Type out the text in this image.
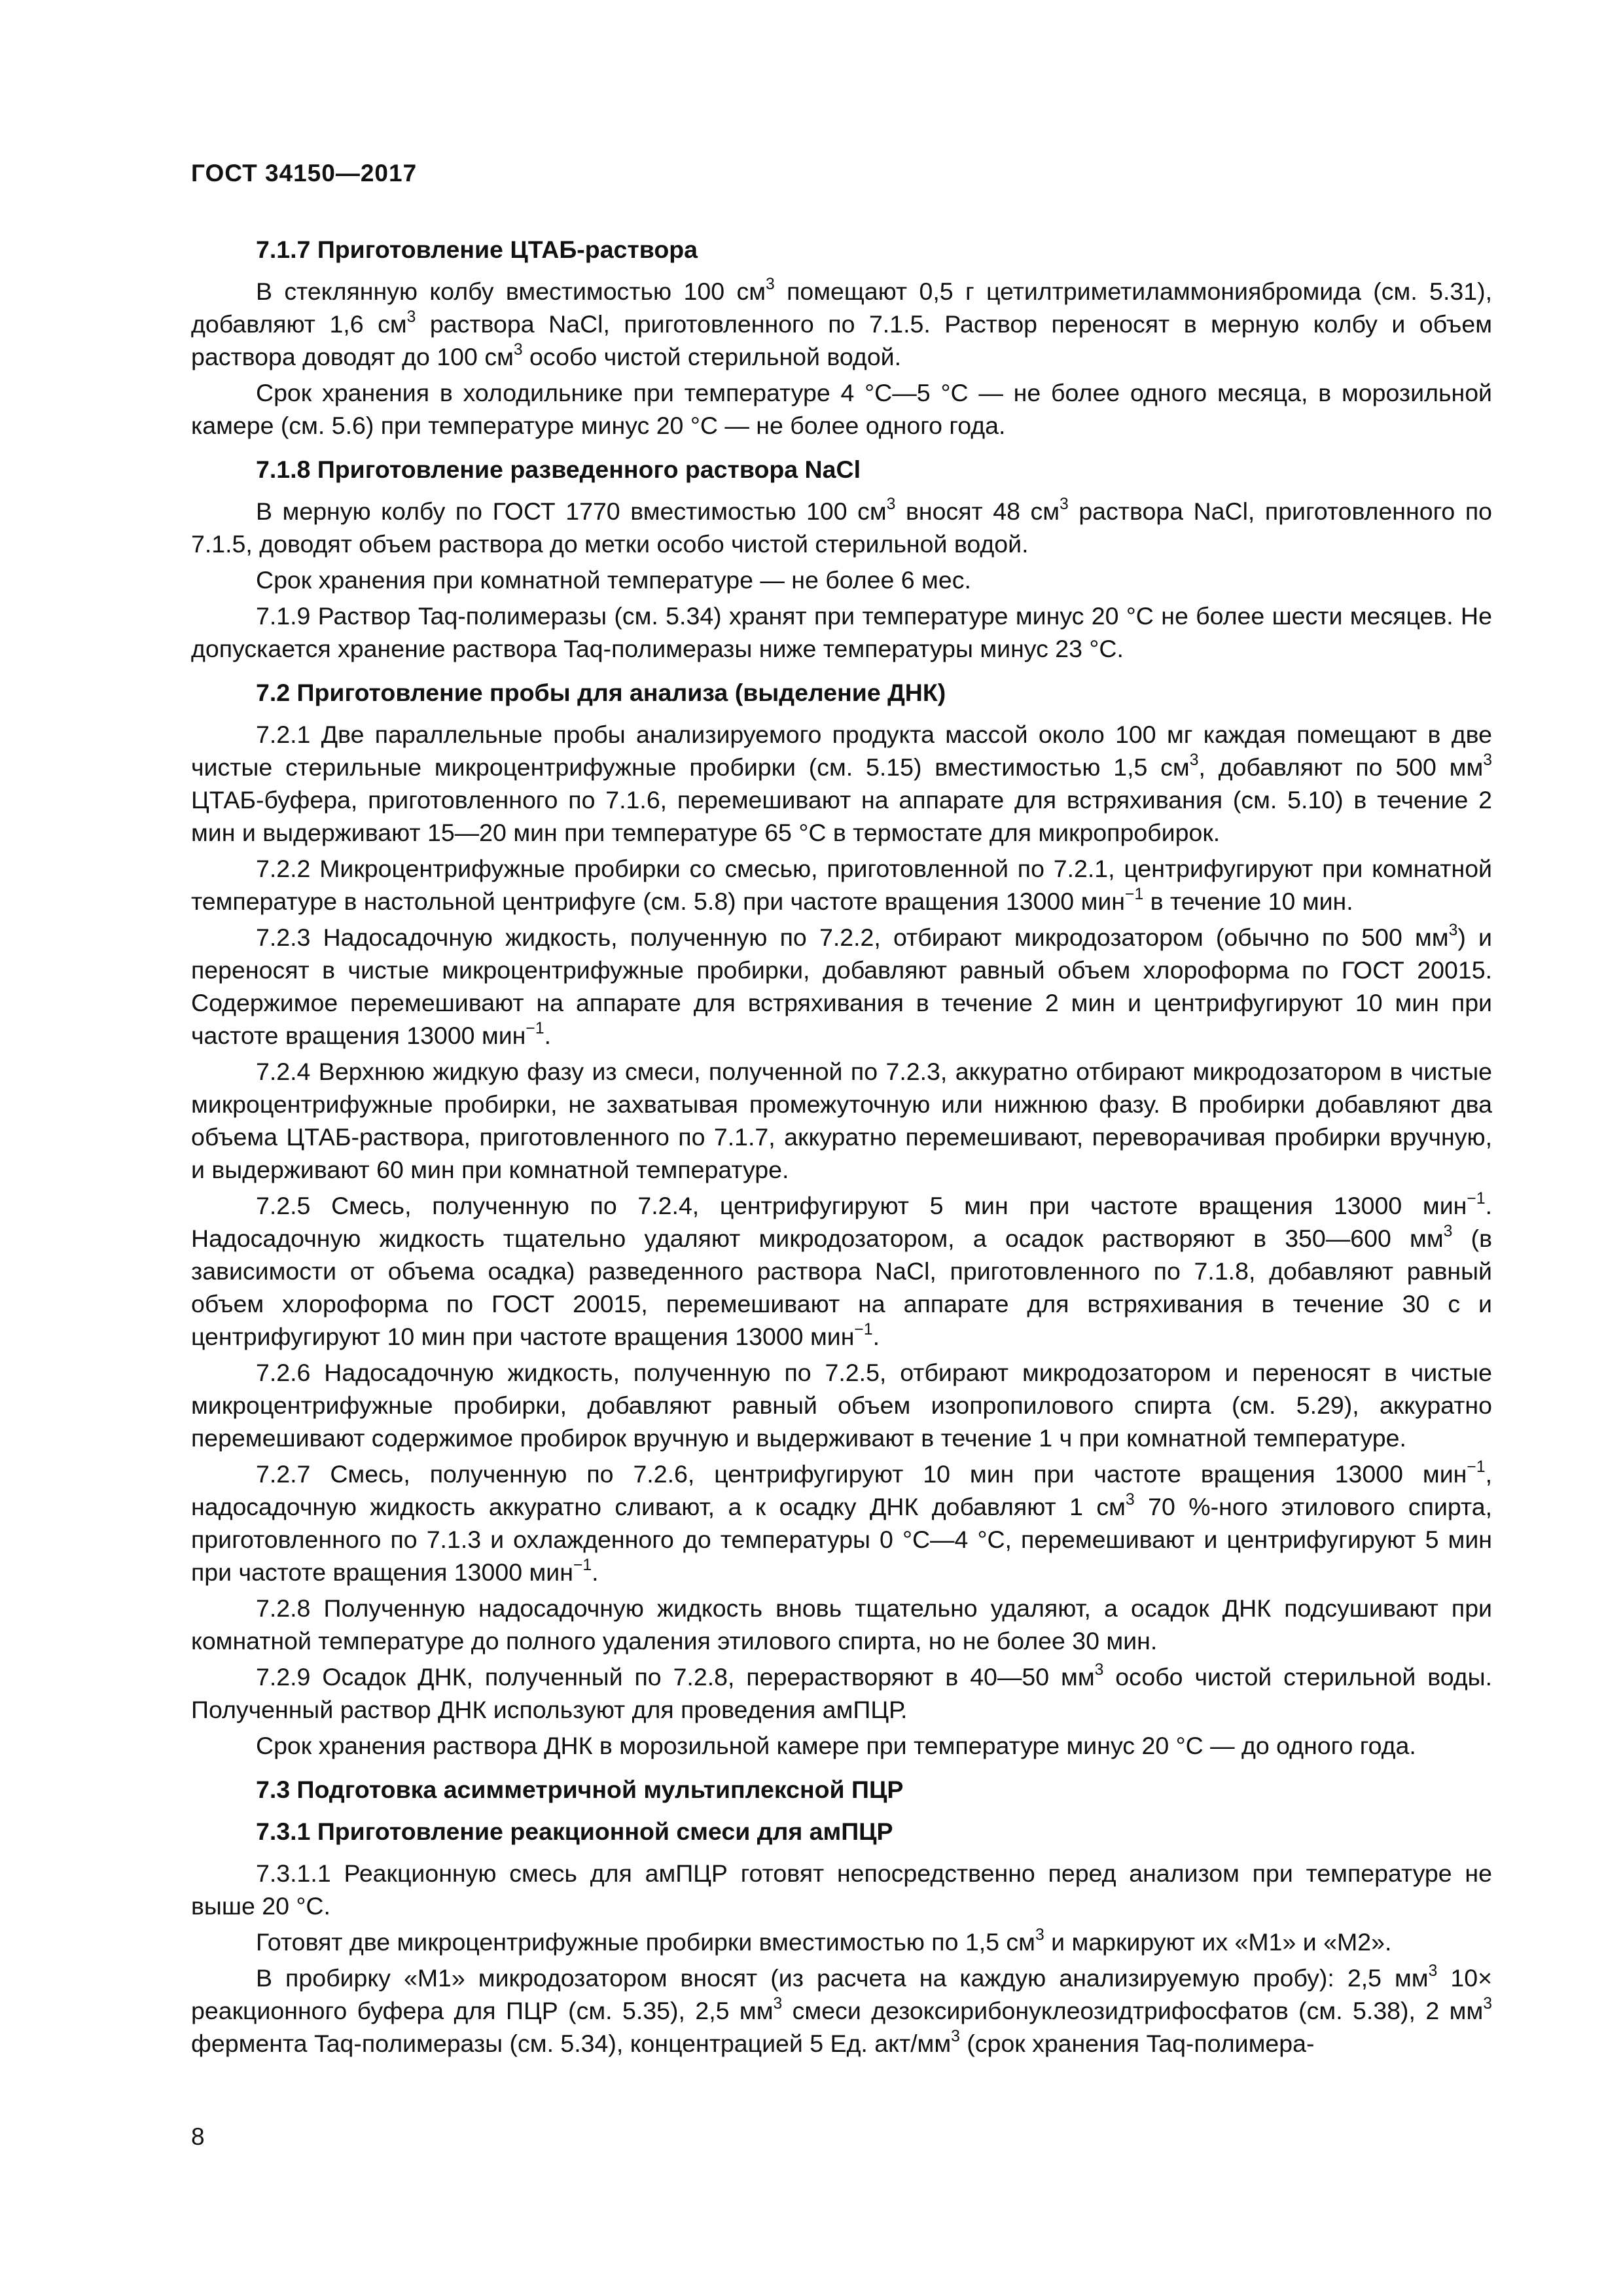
ГОСТ 34150—2017
7.1.7 Приготовление ЦТАБ-раствора
В стеклянную колбу вместимостью 100 $см^3$ помещают 0,5 г цетилтриметиламмониябромида (см. 5.31), добавляют 1,6 $см^3$ раствора NaCl, приготовленного по 7.1.5. Раствор переносят в мерную колбу и объем раствора доводят до 100 $см^3$ особо чистой стерильной водой.
Срок хранения в холодильнике при температуре 4 °С—5 °С — не более одного месяца, в морозильной камере (см. 5.6) при температуре минус 20 °С — не более одного года.
7.1.8 Приготовление разведенного раствора NaCl
В мерную колбу по ГОСТ 1770 вместимостью 100 $см^3$ вносят 48 $см^3$ раствора NaCl, приготовленного по 7.1.5, доводят объем раствора до метки особо чистой стерильной водой.
Срок хранения при комнатной температуре — не более 6 мес.
7.1.9 Раствор Taq-полимеразы (см. 5.34) хранят при температуре минус 20 °С не более шести месяцев. Не допускается хранение раствора Taq-полимеразы ниже температуры минус 23 °С.
7.2 Приготовление пробы для анализа (выделение ДНК)
7.2.1 Две параллельные пробы анализируемого продукта массой около 100 мг каждая помещают в две чистые стерильные микроцентрифужные пробирки (см. 5.15) вместимостью 1,5 $см^3$, добавляют по 500 $мм^3$ ЦТАБ-буфера, приготовленного по 7.1.6, перемешивают на аппарате для встряхивания (см. 5.10) в течение 2 мин и выдерживают 15—20 мин при температуре 65 °С в термостате для микропробирок.
7.2.2 Микроцентрифужные пробирки со смесью, приготовленной по 7.2.1, центрифугируют при комнатной температуре в настольной центрифуге (см. 5.8) при частоте вращения 13000 мин$^{-1}$ в течение 10 мин.
7.2.3 Надосадочную жидкость, полученную по 7.2.2, отбирают микродозатором (обычно по 500 $мм^3$) и переносят в чистые микроцентрифужные пробирки, добавляют равный объем хлороформа по ГОСТ 20015. Содержимое перемешивают на аппарате для встряхивания в течение 2 мин и центрифугируют 10 мин при частоте вращения 13000 мин$^{-1}$.
7.2.4 Верхнюю жидкую фазу из смеси, полученной по 7.2.3, аккуратно отбирают микродозатором в чистые микроцентрифужные пробирки, не захватывая промежуточную или нижнюю фазу. В пробирки добавляют два объема ЦТАБ-раствора, приготовленного по 7.1.7, аккуратно перемешивают, переворачивая пробирки вручную, и выдерживают 60 мин при комнатной температуре.
7.2.5 Смесь, полученную по 7.2.4, центрифугируют 5 мин при частоте вращения 13000 мин$^{-1}$. Надосадочную жидкость тщательно удаляют микродозатором, а осадок растворяют в 350—600 $мм^3$ (в зависимости от объема осадка) разведенного раствора NaCl, приготовленного по 7.1.8, добавляют равный объем хлороформа по ГОСТ 20015, перемешивают на аппарате для встряхивания в течение 30 с и центрифугируют 10 мин при частоте вращения 13000 мин$^{-1}$.
7.2.6 Надосадочную жидкость, полученную по 7.2.5, отбирают микродозатором и переносят в чистые микроцентрифужные пробирки, добавляют равный объем изопропилового спирта (см. 5.29), аккуратно перемешивают содержимое пробирок вручную и выдерживают в течение 1 ч при комнатной температуре.
7.2.7 Смесь, полученную по 7.2.6, центрифугируют 10 мин при частоте вращения 13000 мин$^{-1}$, надосадочную жидкость аккуратно сливают, а к осадку ДНК добавляют 1 $см^3$ 70 %-ного этилового спирта, приготовленного по 7.1.3 и охлажденного до температуры 0 °С—4 °С, перемешивают и центрифугируют 5 мин при частоте вращения 13000 мин$^{-1}$.
7.2.8 Полученную надосадочную жидкость вновь тщательно удаляют, а осадок ДНК подсушивают при комнатной температуре до полного удаления этилового спирта, но не более 30 мин.
7.2.9 Осадок ДНК, полученный по 7.2.8, перерастворяют в 40—50 $мм^3$ особо чистой стерильной воды. Полученный раствор ДНК используют для проведения амПЦР.
Срок хранения раствора ДНК в морозильной камере при температуре минус 20 °С — до одного года.
7.3 Подготовка асимметричной мультиплексной ПЦР
7.3.1 Приготовление реакционной смеси для амПЦР
7.3.1.1 Реакционную смесь для амПЦР готовят непосредственно перед анализом при температуре не выше 20 °С.
Готовят две микроцентрифужные пробирки вместимостью по 1,5 $см^3$ и маркируют их «М1» и «М2».
В пробирку «М1» микродозатором вносят (из расчета на каждую анализируемую пробу): 2,5 $мм^3$ 10× реакционного буфера для ПЦР (см. 5.35), 2,5 $мм^3$ смеси дезоксирибонуклеозидтрифосфатов (см. 5.38), 2 $мм^3$ фермента Taq-полимеразы (см. 5.34), концентрацией 5 Ед. акт/$мм^3$ (срок хранения Taq-полимера-
8
